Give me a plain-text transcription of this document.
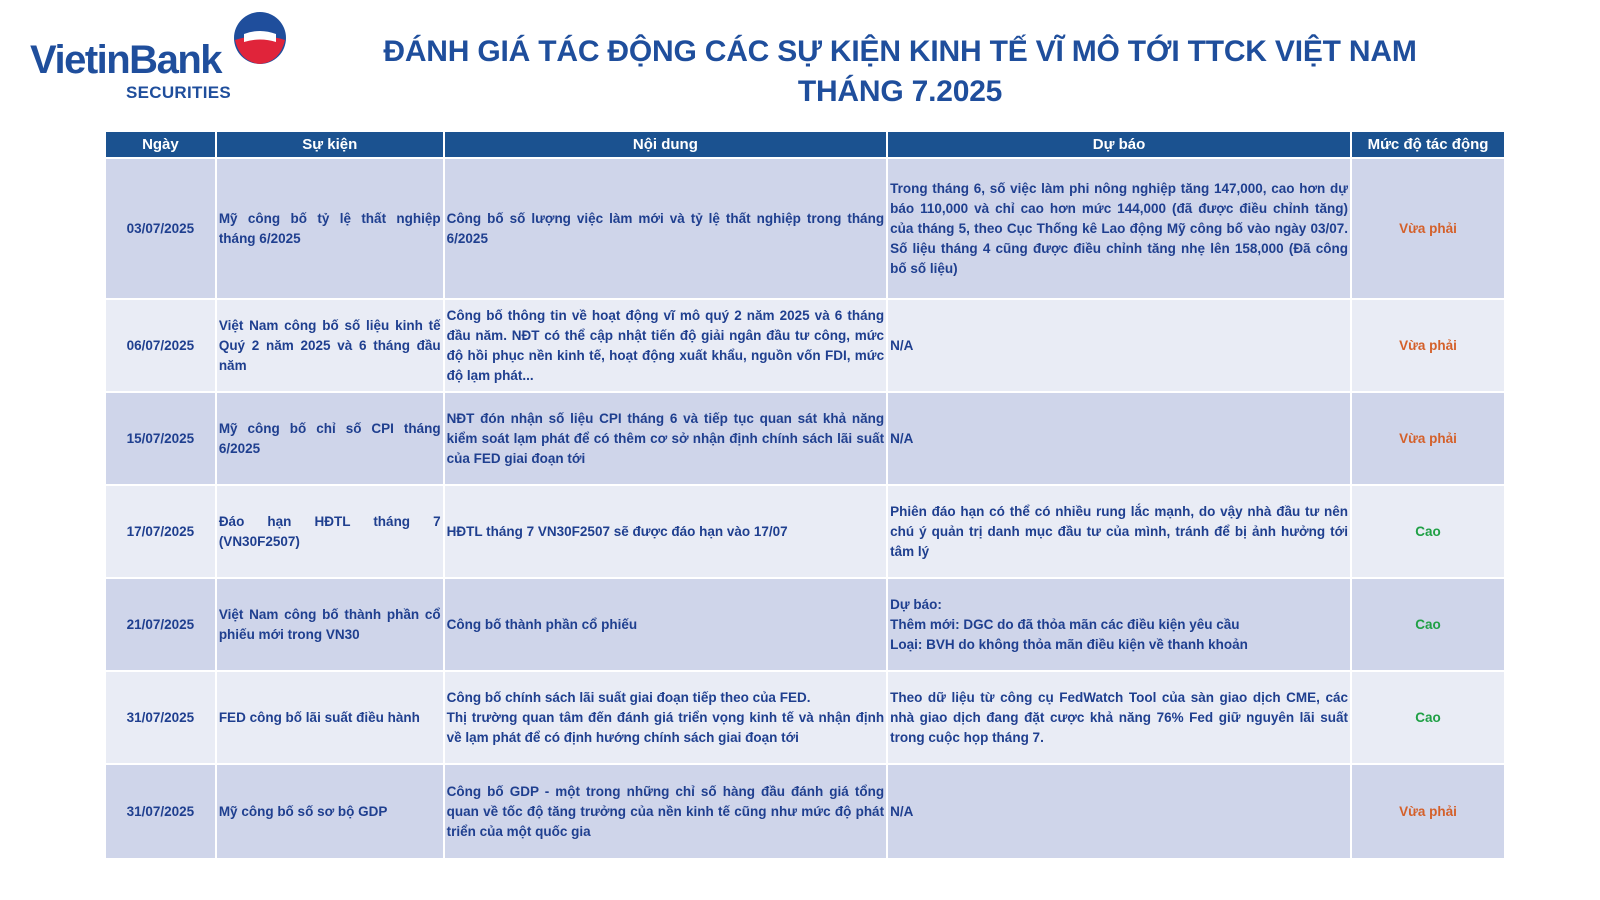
VietinBank
SECURITIES
ĐÁNH GIÁ TÁC ĐỘNG CÁC SỰ KIỆN KINH TẾ VĨ MÔ TỚI TTCK VIỆT NAM
THÁNG 7.2025
Ngày	Sự kiện	Nội dung	Dự báo	Mức độ tác động
03/07/2025	Mỹ công bố tỷ lệ thất nghiệp tháng 6/2025	Công bố số lượng việc làm mới và tỷ lệ thất nghiệp trong tháng 6/2025	Trong tháng 6, số việc làm phi nông nghiệp tăng 147,000, cao hơn dự báo 110,000 và chỉ cao hơn mức 144,000 (đã được điều chỉnh tăng) của tháng 5, theo Cục Thống kê Lao động Mỹ công bố vào ngày 03/07. Số liệu tháng 4 cũng được điều chỉnh tăng nhẹ lên 158,000 (Đã công bố số liệu)	Vừa phải
06/07/2025	Việt Nam công bố số liệu kinh tế Quý 2 năm 2025 và 6 tháng đầu năm	Công bố thông tin về hoạt động vĩ mô quý 2 năm 2025 và 6 tháng đầu năm. NĐT có thể cập nhật tiến độ giải ngân đầu tư công, mức độ hồi phục nền kinh tế, hoạt động xuất khẩu, nguồn vốn FDI, mức độ lạm phát...	N/A	Vừa phải
15/07/2025	Mỹ công bố chỉ số CPI tháng 6/2025	NĐT đón nhận số liệu CPI tháng 6 và tiếp tục quan sát khả năng kiểm soát lạm phát để có thêm cơ sở nhận định chính sách lãi suất của FED giai đoạn tới	N/A	Vừa phải
17/07/2025	Đáo hạn HĐTL tháng 7 (VN30F2507)	HĐTL tháng 7 VN30F2507 sẽ được đáo hạn vào 17/07	Phiên đáo hạn có thể có nhiều rung lắc mạnh, do vậy nhà đầu tư nên chú ý quản trị danh mục đầu tư của mình, tránh để bị ảnh hưởng tới tâm lý	Cao
21/07/2025	Việt Nam công bố thành phần cổ phiếu mới trong VN30	Công bố thành phần cổ phiếu	Dự báo:
Thêm mới: DGC do đã thỏa mãn các điều kiện yêu cầu
Loại: BVH do không thỏa mãn điều kiện về thanh khoản	Cao
31/07/2025	FED công bố lãi suất điều hành	Công bố chính sách lãi suất giai đoạn tiếp theo của FED.
Thị trường quan tâm đến đánh giá triển vọng kinh tế và nhận định về lạm phát để có định hướng chính sách giai đoạn tới	Theo dữ liệu từ công cụ FedWatch Tool của sàn giao dịch CME, các nhà giao dịch đang đặt cược khả năng 76% Fed giữ nguyên lãi suất trong cuộc họp tháng 7.	Cao
31/07/2025	Mỹ công bố số sơ bộ GDP	Công bố GDP - một trong những chỉ số hàng đầu đánh giá tổng quan về tốc độ tăng trưởng của nền kinh tế cũng như mức độ phát triển của một quốc gia	N/A	Vừa phải
